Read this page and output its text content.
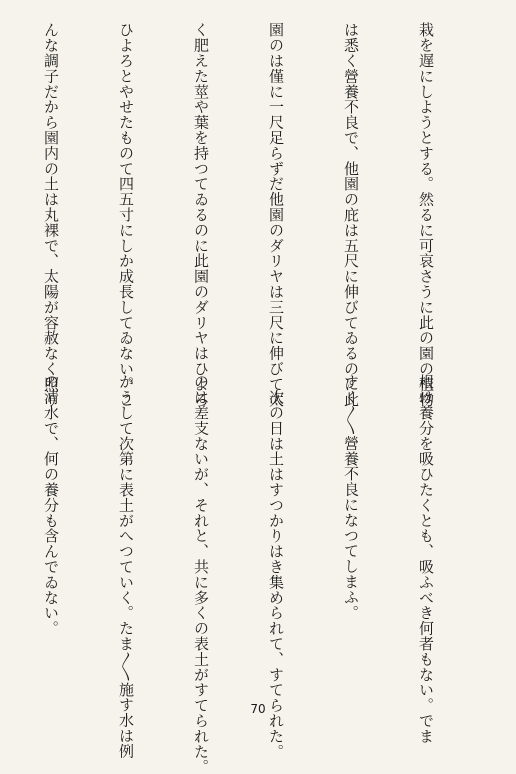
栽を遅にしようとする。然るに可哀さうに此の園の植物

は悉く營養不良で、他園の庇は五尺に伸びてゐるのに此

園のは僅に一尺足らずだ他園のダリヤは三尺に伸びて太

く肥えた莖や葉を持つてゐるのに此園のダリヤはひよろ

ひよろとやせたものて四五寸にしか成長してゐない。こ

んな調子だから園内の土は丸裸で、太陽が容赦なく照り

根は養分を吸ひたくとも、吸ふべき何者もない。でま

すく〳〵營養不良になつてしまふ。

　次の日は土はすつかりはき集められて、すてられた。

のは差支ないが、それと、共に多くの表土がすてられた。

かうして次第に表土がへつていく。たま〳〵施す水は例

の清水で、何の養分も含んでゐない。

70
